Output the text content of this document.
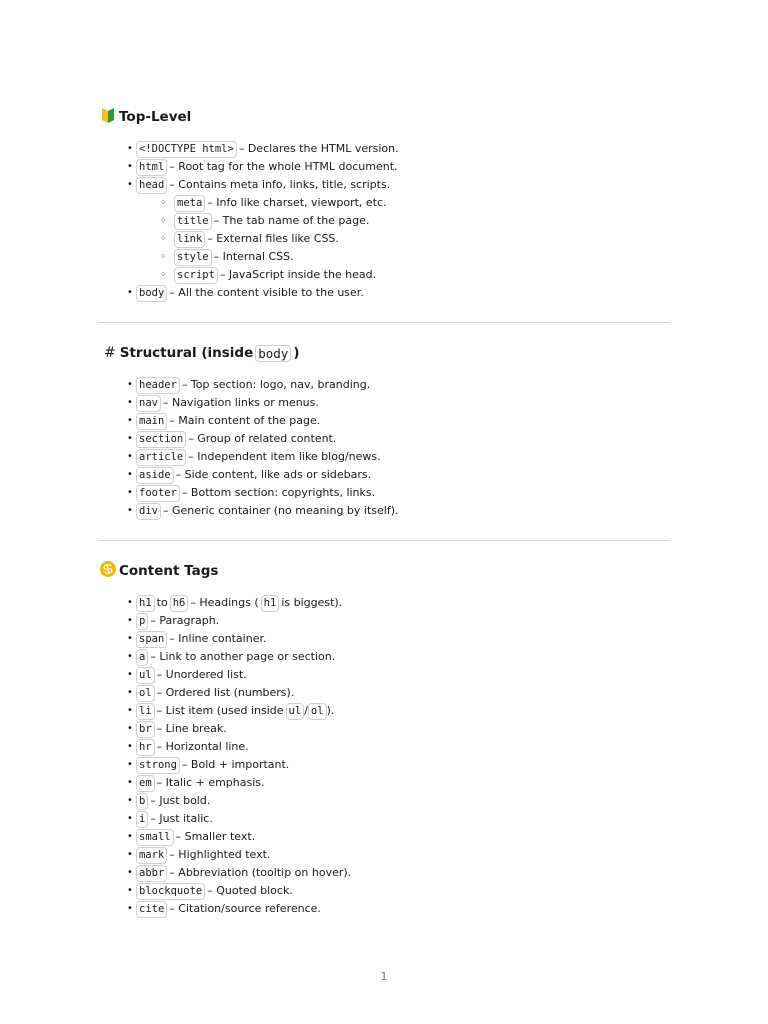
Top-Level
• <!DOCTYPE html> – Declares the HTML version.
• html – Root tag for the whole HTML document.
• head – Contains meta info, links, title, scripts.
◦ meta – Info like charset, viewport, etc.
◦ title – The tab name of the page.
◦ link – External files like CSS.
◦ style – Internal CSS.
◦ script – JavaScript inside the head.
• body – All the content visible to the user.
# Structural (inside body )
• header – Top section: logo, nav, branding.
• nav – Navigation links or menus.
• main – Main content of the page.
• section – Group of related content.
• article – Independent item like blog/news.
• aside – Side content, like ads or sidebars.
• footer – Bottom section: copyrights, links.
• div – Generic container (no meaning by itself).
Content Tags
• h1 to h6 – Headings ( h1 is biggest).
• p – Paragraph.
• span – Inline container.
• a – Link to another page or section.
• ul – Unordered list.
• ol – Ordered list (numbers).
• li – List item (used inside ul / ol ).
• br – Line break.
• hr – Horizontal line.
• strong – Bold + important.
• em – Italic + emphasis.
• b – Just bold.
• i – Just italic.
• small – Smaller text.
• mark – Highlighted text.
• abbr – Abbreviation (tooltip on hover).
• blockquote – Quoted block.
• cite – Citation/source reference.
1
